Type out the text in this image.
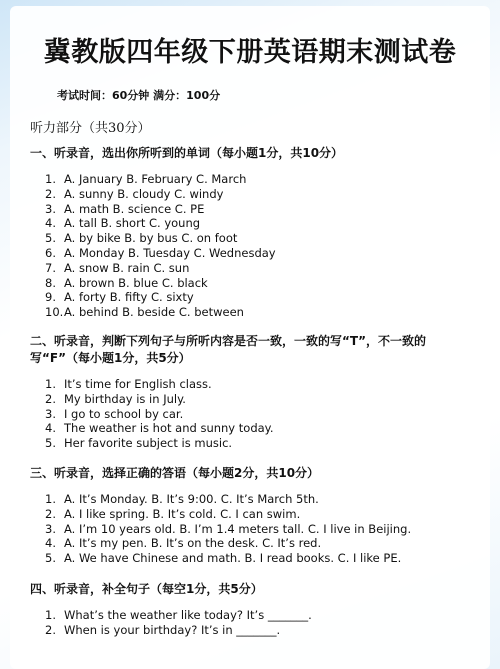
冀教版四年级下册英语期末测试卷

考试时间：60分钟 满分：100分

听力部分（共30分）

一、听录音，选出你所听到的单词（每小题1分，共10分）

1. A. January B. February C. March
2. A. sunny B. cloudy C. windy
3. A. math B. science C. PE
4. A. tall B. short C. young
5. A. by bike B. by bus C. on foot
6. A. Monday B. Tuesday C. Wednesday
7. A. snow B. rain C. sun
8. A. brown B. blue C. black
9. A. forty B. fifty C. sixty
10.A. behind B. beside C. between

二、听录音，判断下列句子与所听内容是否一致，一致的写“T”，不一致的写“F”（每小题1分，共5分）

1. It’s time for English class.
2. My birthday is in July.
3. I go to school by car.
4. The weather is hot and sunny today.
5. Her favorite subject is music.

三、听录音，选择正确的答语（每小题2分，共10分）

1. A. It’s Monday. B. It’s 9:00. C. It’s March 5th.
2. A. I like spring. B. It’s cold. C. I can swim.
3. A. I’m 10 years old. B. I’m 1.4 meters tall. C. I live in Beijing.
4. A. It’s my pen. B. It’s on the desk. C. It’s red.
5. A. We have Chinese and math. B. I read books. C. I like PE.

四、听录音，补全句子（每空1分，共5分）

1. What’s the weather like today? It’s _______.
2. When is your birthday? It’s in _______.
